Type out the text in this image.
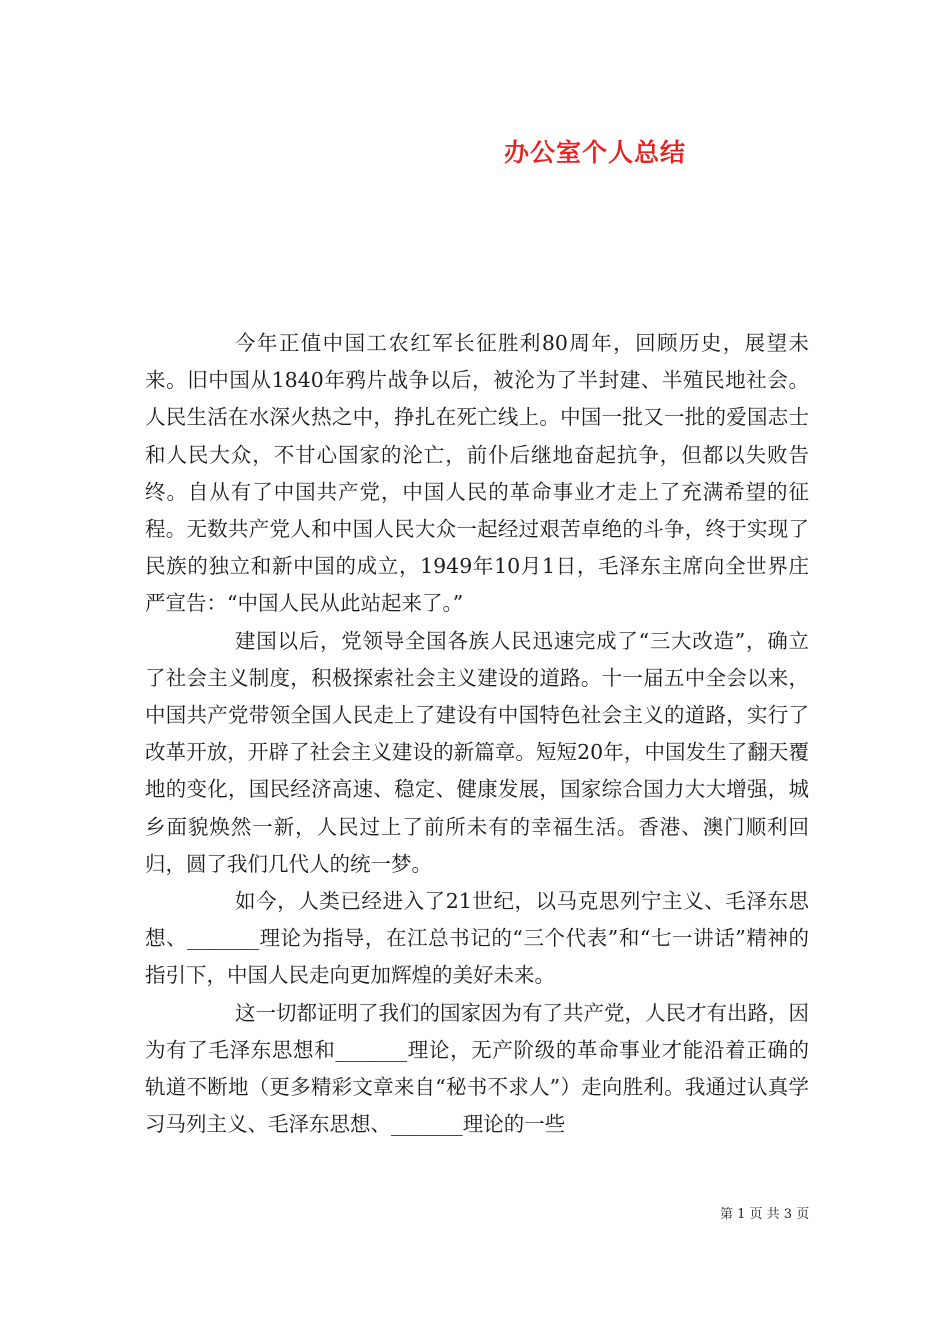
办公室个人总结

今年正值中国工农红军长征胜利80周年，回顾历史，展望未来。旧中国从1840年鸦片战争以后，被沦为了半封建、半殖民地社会。人民生活在水深火热之中，挣扎在死亡线上。中国一批又一批的爱国志士和人民大众，不甘心国家的沦亡，前仆后继地奋起抗争，但都以失败告终。自从有了中国共产党，中国人民的革命事业才走上了充满希望的征程。无数共产党人和中国人民大众一起经过艰苦卓绝的斗争，终于实现了民族的独立和新中国的成立，1949年10月1日，毛泽东主席向全世界庄严宣告：“中国人民从此站起来了。”

建国以后，党领导全国各族人民迅速完成了“三大改造”，确立了社会主义制度，积极探索社会主义建设的道路。十一届五中全会以来，中国共产党带领全国人民走上了建设有中国特色社会主义的道路，实行了改革开放，开辟了社会主义建设的新篇章。短短20年，中国发生了翻天覆地的变化，国民经济高速、稳定、健康发展，国家综合国力大大增强，城乡面貌焕然一新，人民过上了前所未有的幸福生活。香港、澳门顺利回归，圆了我们几代人的统一梦。

如今，人类已经进入了21世纪，以马克思列宁主义、毛泽东思想、_______理论为指导，在江总书记的“三个代表”和“七一讲话”精神的指引下，中国人民走向更加辉煌的美好未来。

这一切都证明了我们的国家因为有了共产党，人民才有出路，因为有了毛泽东思想和_______理论，无产阶级的革命事业才能沿着正确的轨道不断地（更多精彩文章来自“秘书不求人”）走向胜利。我通过认真学习马列主义、毛泽东思想、_______理论的一些

第 1 页 共 3 页
